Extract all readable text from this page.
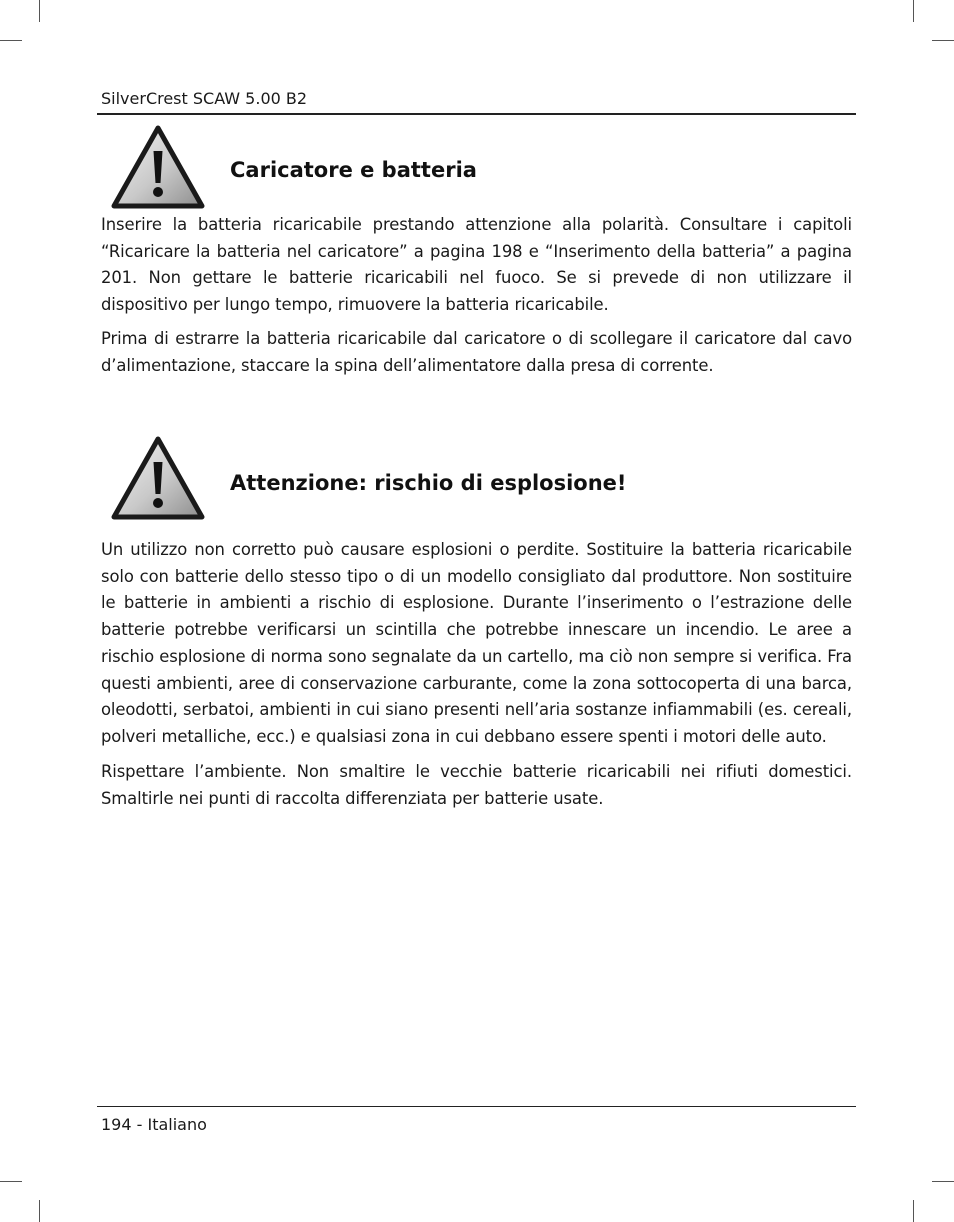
SilverCrest SCAW 5.00 B2
Caricatore e batteria

Inserire la batteria ricaricabile prestando attenzione alla polarità. Consultare i capitoli “Ricaricare la batteria nel caricatore” a pagina 198 e “Inserimento della batteria” a pagina 201. Non gettare le batterie ricaricabili nel fuoco. Se si prevede di non utilizzare il dispositivo per lungo tempo, rimuovere la batteria ricaricabile.

Prima di estrarre la batteria ricaricabile dal caricatore o di scollegare il caricatore dal cavo d’alimentazione, staccare la spina dell’alimentatore dalla presa di corrente.

Attenzione: rischio di esplosione!

Un utilizzo non corretto può causare esplosioni o perdite. Sostituire la batteria ricaricabile solo con batterie dello stesso tipo o di un modello consigliato dal produttore. Non sostituire le batterie in ambienti a rischio di esplosione. Durante l’inserimento o l’estrazione delle batterie potrebbe verificarsi un scintilla che potrebbe innescare un incendio. Le aree a rischio esplosione di norma sono segnalate da un cartello, ma ciò non sempre si verifica. Fra questi ambienti, aree di conservazione carburante, come la zona sottocoperta di una barca, oleodotti, serbatoi, ambienti in cui siano presenti nell’aria sostanze infiammabili (es. cereali, polveri metalliche, ecc.) e qualsiasi zona in cui debbano essere spenti i motori delle auto.

Rispettare l’ambiente. Non smaltire le vecchie batterie ricaricabili nei rifiuti domestici. Smaltirle nei punti di raccolta differenziata per batterie usate.

194 - Italiano
